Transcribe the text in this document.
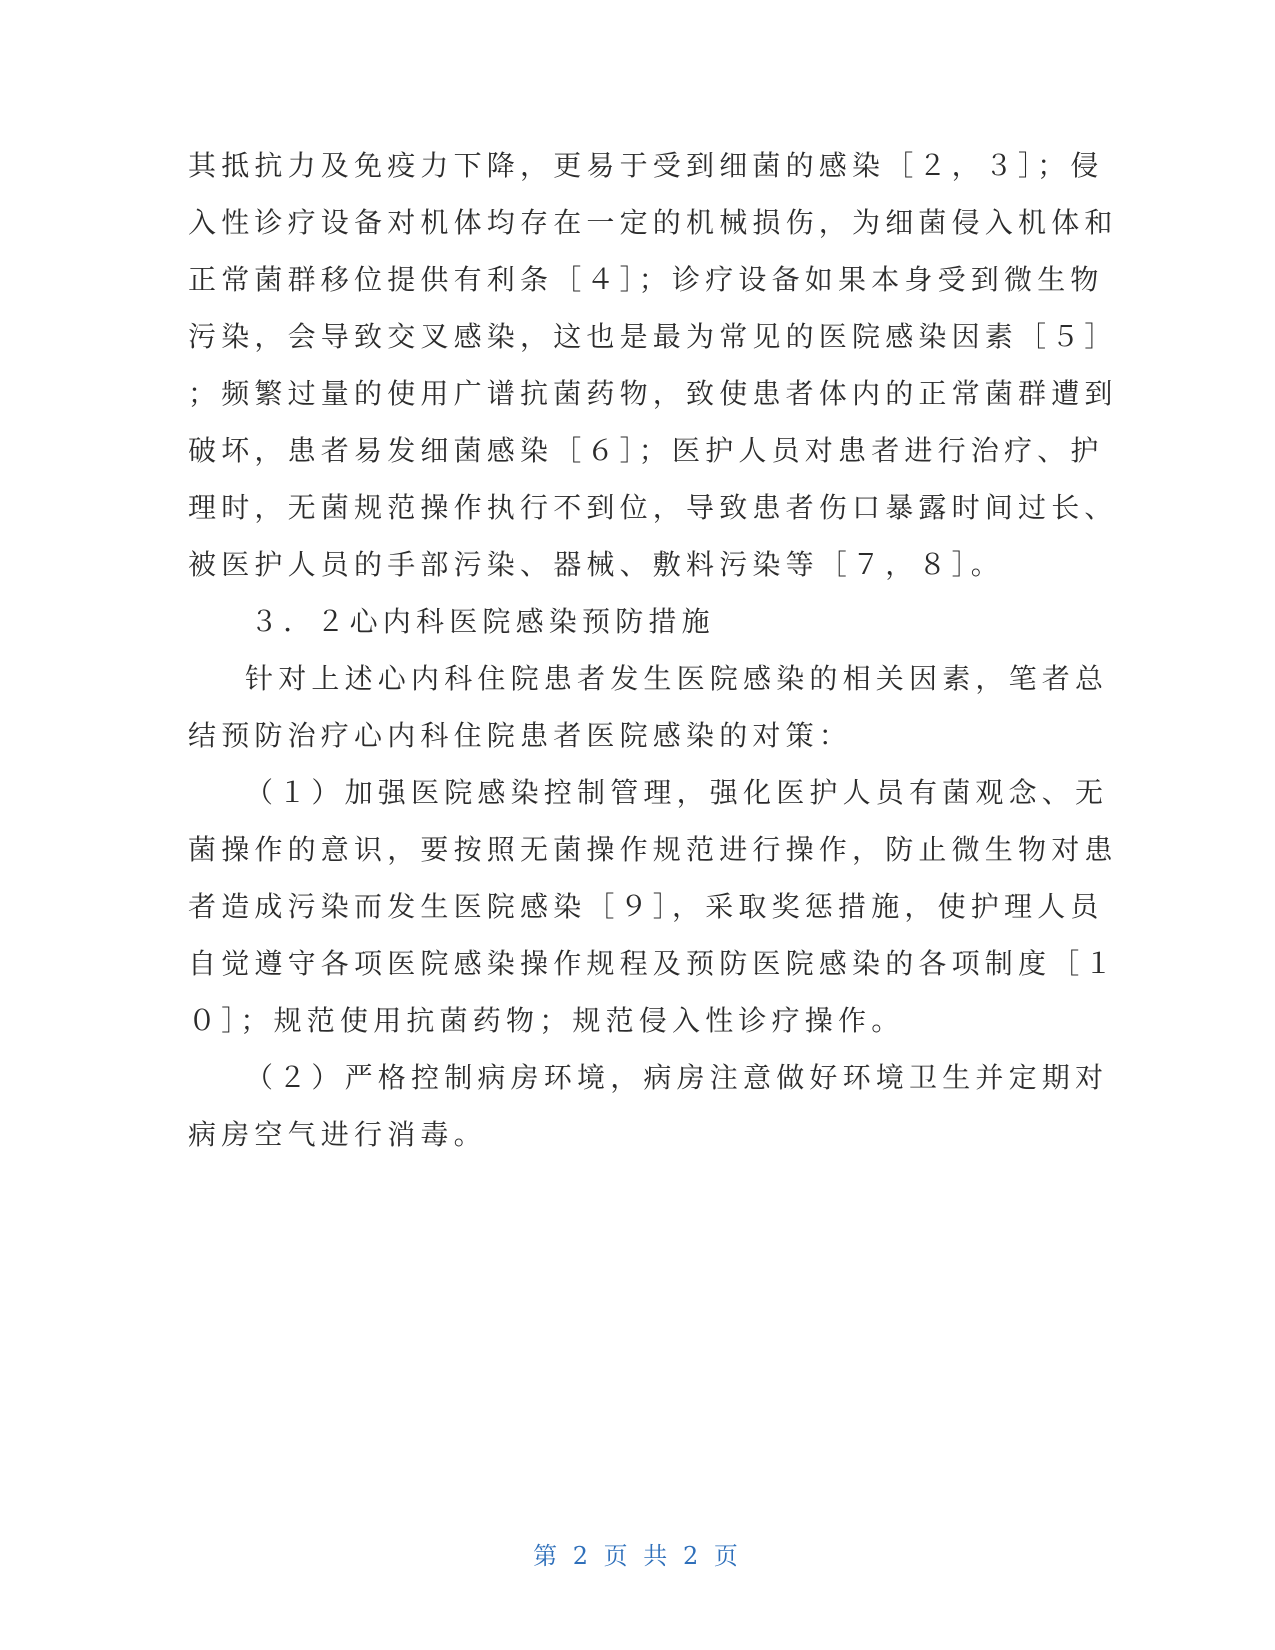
其抵抗力及免疫力下降，更易于受到细菌的感染［２，３］；侵
入性诊疗设备对机体均存在一定的机械损伤，为细菌侵入机体和
正常菌群移位提供有利条［４］；诊疗设备如果本身受到微生物
污染，会导致交叉感染，这也是最为常见的医院感染因素［５］
；频繁过量的使用广谱抗菌药物，致使患者体内的正常菌群遭到
破坏，患者易发细菌感染［６］；医护人员对患者进行治疗、护
理时，无菌规范操作执行不到位，导致患者伤口暴露时间过长、
被医护人员的手部污染、器械、敷料污染等［７，８］。
３．２心内科医院感染预防措施
针对上述心内科住院患者发生医院感染的相关因素，笔者总
结预防治疗心内科住院患者医院感染的对策：
（１）加强医院感染控制管理，强化医护人员有菌观念、无
菌操作的意识，要按照无菌操作规范进行操作，防止微生物对患
者造成污染而发生医院感染［９］，采取奖惩措施，使护理人员
自觉遵守各项医院感染操作规程及预防医院感染的各项制度［１
０］；规范使用抗菌药物；规范侵入性诊疗操作。
（２）严格控制病房环境，病房注意做好环境卫生并定期对
病房空气进行消毒。
第 2 页 共 2 页
